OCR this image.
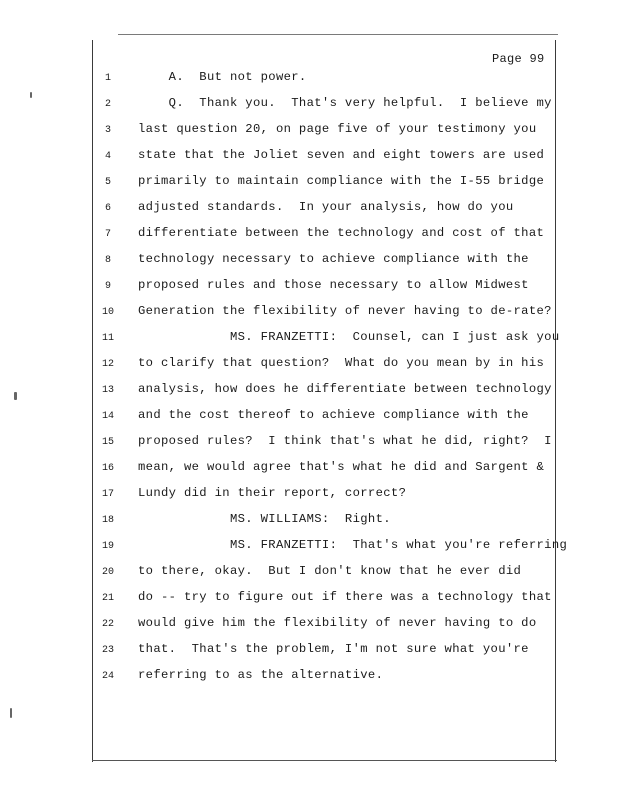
Page 99
1	A.  But not power.
2	Q.  Thank you.  That's very helpful.  I believe my
3	last question 20, on page five of your testimony you
4	state that the Joliet seven and eight towers are used
5	primarily to maintain compliance with the I-55 bridge
6	adjusted standards.  In your analysis, how do you
7	differentiate between the technology and cost of that
8	technology necessary to achieve compliance with the
9	proposed rules and those necessary to allow Midwest
10	Generation the flexibility of never having to de-rate?
11	MS. FRANZETTI:  Counsel, can I just ask you
12	to clarify that question?  What do you mean by in his
13	analysis, how does he differentiate between technology
14	and the cost thereof to achieve compliance with the
15	proposed rules?  I think that's what he did, right?  I
16	mean, we would agree that's what he did and Sargent &
17	Lundy did in their report, correct?
18	MS. WILLIAMS:  Right.
19	MS. FRANZETTI:  That's what you're referring
20	to there, okay.  But I don't know that he ever did
21	do -- try to figure out if there was a technology that
22	would give him the flexibility of never having to do
23	that.  That's the problem, I'm not sure what you're
24	referring to as the alternative.
